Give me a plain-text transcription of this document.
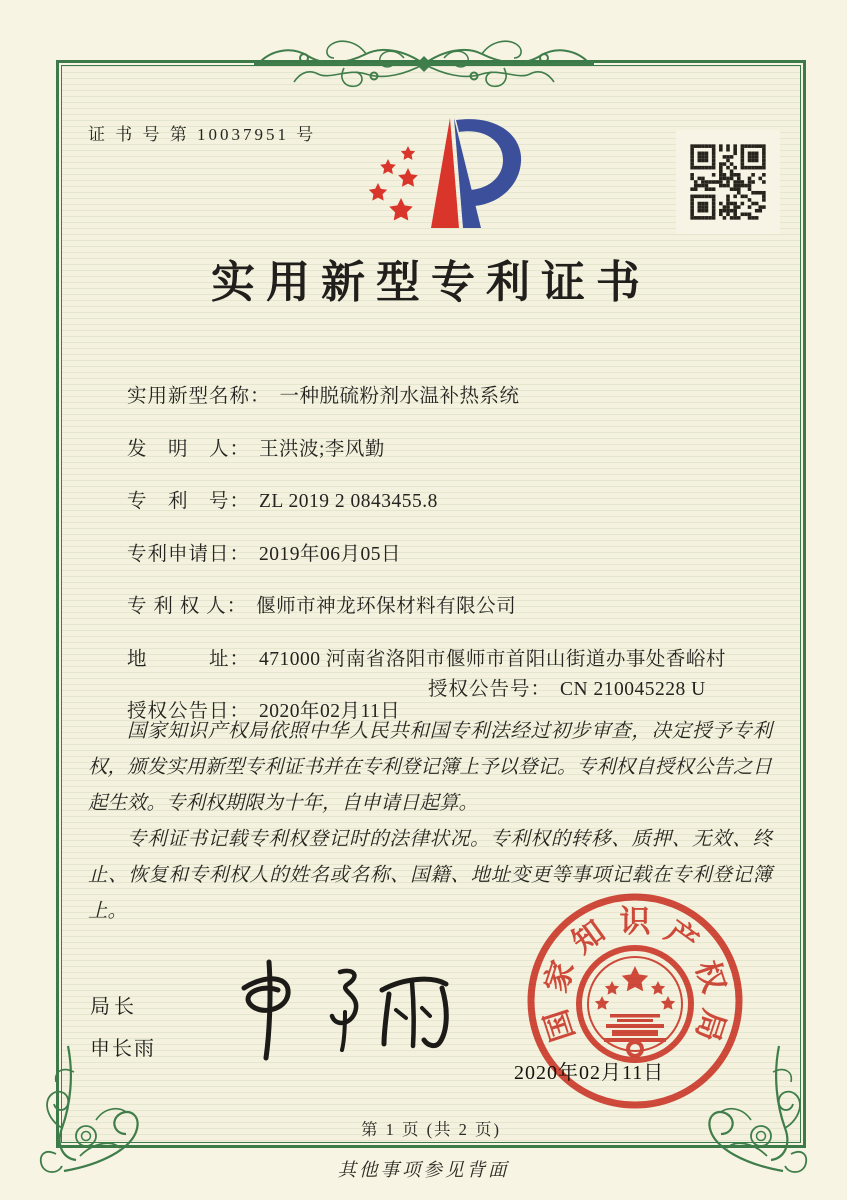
证 书 号 第 10037951 号
实用新型专利证书

实用新型名称： 一种脱硫粉剂水温补热系统

发　明　人： 王洪波;李风勤

专　利　号： ZL 2019 2 0843455.8

专利申请日： 2019年06月05日

专 利 权 人： 偃师市神龙环保材料有限公司

地　　　址： 471000 河南省洛阳市偃师市首阳山街道办事处香峪村

授权公告日： 2020年02月11日

授权公告号： CN 210045228 U

国家知识产权局依照中华人民共和国专利法经过初步审查，决定授予专利权，颁发实用新型专利证书并在专利登记簿上予以登记。专利权自授权公告之日起生效。专利权期限为十年，自申请日起算。

专利证书记载专利权登记时的法律状况。专利权的转移、质押、无效、终止、恢复和专利权人的姓名或名称、国籍、地址变更等事项记载在专利登记簿上。

局长
申长雨
2020年02月11日
国
家
知 识 产
权
局
第 1 页 (共 2 页)
其他事项参见背面
